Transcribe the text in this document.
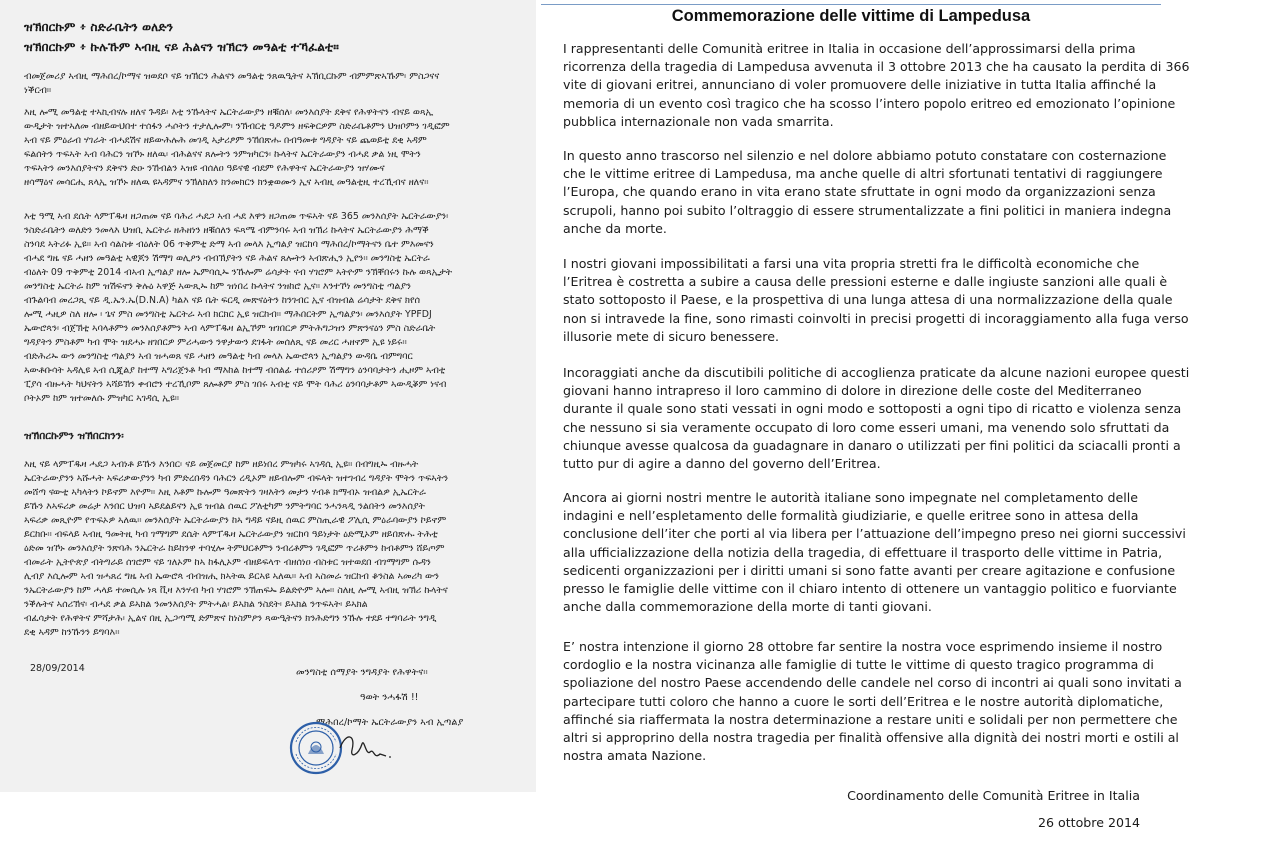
ዝኽበርኩም ፥ ስድራቤትን ወለድን
ዝኽበርኩም ፥ ኩሉኹም ኣብዚ ናይ ሕልናን ዝኽርን መዓልቲ ተኻፈልቲ።
ብመጀመሪያ ኣብዚ ማሕበረ/ኮማና ዝወደቦ ናይ ዝኽርን ሕልናን መዓልቲ ንጸዉዒትና ኣኽቢርኩም ብምምጽኣኹም፡ ምስጋናና
ነቕርብ።
እዚ ሎሚ መዓልቲ ተኣኪብናሉ ዘለና ጉዳይ፡ እቲ ንኹላትና ኤርትራውያን ዘቑሰለ፡ መንእሰያት ደቅና የሕዋትናን ብናይ ወጻኢ
ውዲታት ዝተኣለመ ብዘይውህበተ ተሰፋን ሓሶትን ተታሊሎም፡ ንኽብርቲ ዓዶምን ዘፍቅርዎም ስድራቤቶምን ህዝቦምን ገዲፎም
ኣብ ናይ ምዕራብ ሃገራት ብሓደሽና ዘይውሕሉሕ መገዲ ኣታሪፆም ንኸበጽሑ በብዓመቱ ግዳያት ናይ ጨወይቲ ደቂ ኣዳም
ፍልሰትን ጥፍኣት ኣብ ባሕርን ዝኾኑ ዘለዉ፡ ብሕልናና ጸሎትን ንምዝካርን፡ ኩላትና ኤርትራውያን ብሓደ ቃል ነዚ ሞትን
ጥፍኣትን መንእሰያትናን ደቅናን ድዑ ንኸብልን ኣዝዩ ብሰለዐ ዓይናዊ ብደም የሕዋትና ኤርትራውያን ዝሃሙና
ዘሳማዕና መሳርሒ ጸላኢ ዝኾኑ ዘለዉ ዩኣዳምና ንኽለክለን ክንመክርን ክንቋወሙን ኢና ኣብዚ መዓልቲዚ ተረኺብና ዘለና።
እቲ ዓሚ ኣብ ደሴት ላምፐዱዛ ዘጋጠመ ናይ ባሕሪ ሓደጋ ኣብ ሓደ እዋን ዘጋጠመ ጥፍኣት ናይ 365 መንእሰያት ኤርትራውያን፡
ንስድራቤትን ወለድን ንመላእ ህዝቢ ኤርትራ ዘሕዘነን ዘቑሰለን ፍጻሜ ብምንባሩ ኣብ ዝኽሪ ኩላትና ኤርትራውያን ሕማቕ
ስንባደ ኣትሪፉ ኢዩ። ኣብ ሳልስቱ ብዕለት 06 ጥቅምቲ ድማ ኣብ መላእ ኢጣልያ ዝርከባ ማሕበረ/ኮማትናን ቤተ ምእመናን
ብሓደ ግዜ ናይ ሓዘን መዓልቲ ኣዊጆን ሽማግ ወሊዖን ብብኽያትን ናይ ሕልና ጸሎትን ኣብጽሒን ኢየን። መንግስቲ ኤርትራ
ብዕለት 09 ጥቅምቲ 2014 ብኣብ ኢጣልያ ዘሎ ኤምባሲኡ ንኹሎም ሬሳታት ናብ ሃገሮም ኣትዮም ንኽቐበሩን ኩሉ ወጻኢታት
መንግስቲ ኤርትራ ከም ዝሽፍኖን ቅሉዕ ኣዋጅ ኣውጺኡ ከም ዝነበረ ኩላትና ንዝከሮ ኢና። እንተኾነ መንግስቲ ጣልያን
ብጉልባብ መረጋጺ ናይ ዲ.ኤን.ኤ(D.N.A) ካልእ ናይ ቤት ፍርዲ መጽናዕትን ከንገብር ኢና ብዝብል ሬሳታት ደቅና ክየሰ
ሎሚ ሓዚዎ ስለ ዘሎ ፡ ጌና ምስ መንግስቲ ኤርትራ ኣብ ክርክር ኢዩ ዝርከብ። ማሕበርትም ኢጣልያን፡ መንእሰያት YPFDJ
ኤውሮጳን፡ ብጀኽቲ ኣባላቶምን መንእሰያቶምን ኣብ ላምፐዱዛ ልኢኾም ዝገበርዎ ምትሕግጋዝን ምጽንናዕን ምስ ስድራቤት
ግዳያትን ምስቶም ካብ ሞት ዝደሓኑ ዘገበርዎ ምሪሓውን ንዋታውን ደገፋት መሰለጺ ናይ መሪር ሓዘኖም ኢዩ ነይሩ።
ብድሕሪኡ ውን መንግስቲ ጣልያን ኣብ ዝሓወጸ ናይ ሓዘን መዓልቲ ካብ መላእ ኤውሮጳን ኢጣልያን ውዳቤ ብምግባር
ኣውቶቡሳት ኣዳሊዩ ኣብ ሲጂልያ ከተማ ኣግሪጀንቶ ካብ ማእከል ከተማ ብሰልፊ ተሰሪዖም ሽማግን ዕንባባታትን ሒዞም ኣብቲ
ፒያሳ ብዙሓት ካህናትን ኣሻይኽን ቀብሮን ተረኺቦም ጸሎቶም ምስ ገበሩ ኣብቲ ናይ ሞት ባሕሪ ዕንባባታቶም ኣውዲቖም ነናብ
ቦትኦም ከም ዝተመለሱ ምዝካር ኣገዳሲ ኢዩ።
ዝኽበርኩምን ዝኽበርክንን፡
እዚ ናይ ላምፐዱዛ ሓደጋ ኣብነቶ ይኹን እንበር፡ ናይ መጀመርያ ከም ዘይነበረ ምዝካሩ ኣገዳሲ ኢዩ። በብግዚኡ ብዙሓት
ኤርትራውያንን ኣሹሓት ኣፍሪቃውያንን ካብ ምድረበዳን ባሕርን ረዲኦም ዘይብሎም ብፍላት ዝተገብረ ግዳያት ሞትን ጥፍኣትን
መሸጣ ናውቲ ኣካላትን ኮይኖም እዮም። እዚ እቶም ኩሎም ዓመጽትን ገዛእትን መታን ሃብቶ ክማብኦ ዝብልዎ ኢኤርትራ
ይኹን እኣፍሪቃ መሬታ እንበር ህዝባ ኣይደልይናን ኢዩ ዝብል ሰዉር ፖለቲካም ንምትግባር ንሓንጻዲ ንልበትን መንእሰያት
ኣፍሪቃ መጺዮም የጥፍኦዎ ኣለዉ። መንእሰያት ኤርትራውያን ከኣ ግዳይ ናይዚ ሰዉር ምስጢራዊ ፖሊሲ ምዕራባውያን ኮይኖም
ይርከቡ። ብፍላይ ኣብዚ ዓመትዚ ካብ ገማግም ደሴት ላምፐዱዛ ኤርትራውያን ዝርከባ ዓይነታት ዕድሚኦም ዘይበጽሑ ትሕቲ
ዕድመ ዝኾኑ መንእሰያት ንጽባሕ ንኤርትራ ከይከንዋ ተባሂሎ ትምህርቶምን ንብረቶምን ገዲፎም ጥሪቶምን ከብቶምን ሸይጦም
ብመራት ኢትዮጵያ ብትግራይ ሰገሮም ናይ ገለኦም ከኣ ከፋሊኦም ብዘይፍላጥ ብዘሰነዐ ብስቱር ዝተወደበ ብገማግም ሱዳን
ሊብያ እሲሎም ኣብ ዝሓጸረ ግዜ ኣብ ኤውሮጳ ብብዝሒ ክኣትዉ ይርኣዩ ኣለዉ። ኣብ ኣስመራ ዝርከብ ቆንስል ኣመሪካ ውን
ንኤርትራውያን ከም ሓላይ ተመሲሉ ነጻ ቪዛ እንሃብ ካብ ሃገሮም ንኽጠፍኡ ይልድዮም ኣሎ። ስለዚ ሎሚ ኣብዚ ዝኽሪ ኩላትና
ንቕሉትና ኣሰሪኽና፡ ብሓደ ቃል ይኣክል ንመንእሰያት ምትሓል፡ ይኣክል ንስደት፡ ይኣክል ንጥፍኣት፡ ይኣክል
ብፈሳታት የሕዋትና ምሻታሕ፡ ኢልና በዚ ኢጋጣሚ ድምጽና ከነስምዖን ጻውዒትናን ክንሕድግን ንኹሉ ተደይ ተግባራት ንግዲ
ደቂ ኣዳም ከንኹንን ይግባእ።
28/09/2014	መንግስቲ ሰማያት ንግዳያት የሕዋትና።
ዓወት ንሓፋሽ !!
ማሕበረ/ኮማት ኤርትራውያን ኣብ ኢጣልያ
Commemorazione delle vittime di Lampedusa
I rappresentanti delle Comunità eritree in Italia in occasione dell’approssimarsi della prima
ricorrenza della tragedia di Lampedusa avvenuta il 3 ottobre 2013 che ha causato la perdita di 366
vite di giovani eritrei, annunciano di voler promuovere delle iniziative in tutta Italia affinché la
memoria di un evento così tragico che ha scosso l’intero popolo eritreo ed emozionato l’opinione
pubblica internazionale non vada smarrita.
In questo anno trascorso nel silenzio e nel dolore abbiamo potuto constatare con costernazione
che le vittime eritree di Lampedusa, ma anche quelle di altri sfortunati tentativi di raggiungere
l’Europa, che quando erano in vita erano state sfruttate in ogni modo da organizzazioni senza
scrupoli, hanno poi subito l’oltraggio di essere strumentalizzate a fini politici in maniera indegna
anche da morte.
I nostri giovani impossibilitati a farsi una vita propria stretti fra le difficoltà economiche che
l’Eritrea è costretta a subire a causa delle pressioni esterne e dalle ingiuste sanzioni alle quali è
stato sottoposto il Paese, e la prospettiva di una lunga attesa di una normalizzazione della quale
non si intravede la fine, sono rimasti coinvolti in precisi progetti di incoraggiamento alla fuga verso
illusorie mete di sicuro benessere.
Incoraggiati anche da discutibili politiche di accoglienza praticate da alcune nazioni europee questi
giovani hanno intrapreso il loro cammino di dolore in direzione delle coste del Mediterraneo
durante il quale sono stati vessati in ogni modo e sottoposti a ogni tipo di ricatto e violenza senza
che nessuno si sia veramente occupato di loro come esseri umani, ma venendo solo sfruttati da
chiunque avesse qualcosa da guadagnare in danaro o utilizzati per fini politici da sciacalli pronti a
tutto pur di agire a danno del governo dell’Eritrea.
Ancora ai giorni nostri mentre le autorità italiane sono impegnate nel completamento delle
indagini e nell’espletamento delle formalità giudiziarie, e quelle eritree sono in attesa della
conclusione dell’iter che porti al via libera per l’attuazione dell’impegno preso nei giorni successivi
alla ufficializzazione della notizia della tragedia, di effettuare il trasporto delle vittime in Patria,
sedicenti organizzazioni per i diritti umani si sono fatte avanti per creare agitazione e confusione
presso le famiglie delle vittime con il chiaro intento di ottenere un vantaggio politico e fuorviante
anche dalla commemorazione della morte di tanti giovani.
E’ nostra intenzione il giorno 28 ottobre far sentire la nostra voce esprimendo insieme il nostro
cordoglio e la nostra vicinanza alle famiglie di tutte le vittime di questo tragico programma di
spoliazione del nostro Paese accendendo delle candele nel corso di incontri ai quali sono invitati a
partecipare tutti coloro che hanno a cuore le sorti dell’Eritrea e le nostre autorità diplomatiche,
affinché sia riaffermata la nostra determinazione a restare uniti e solidali per non permettere che
altri si approprino della nostra tragedia per finalità offensive alla dignità dei nostri morti e ostili al
nostra amata Nazione.
Coordinamento delle Comunità Eritree in Italia
26 ottobre 2014
